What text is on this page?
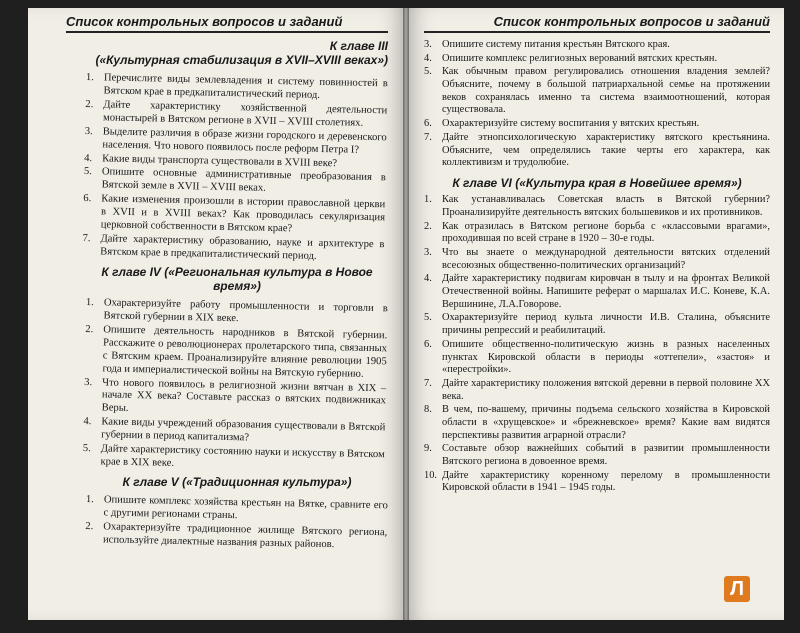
Список контрольных вопросов и заданий
К главе III
(«Культурная стабилизация в XVII–XVIII веках»)
1. Перечислите виды землевладения и систему повинностей в Вятском крае в предкапиталистический период.
2. Дайте характеристику хозяйственной деятельности монастырей в Вятском регионе в XVII – XVIII столетиях.
3. Выделите различия в образе жизни городского и деревенского населения. Что нового появилось после реформ Петра I?
4. Какие виды транспорта существовали в XVIII веке?
5. Опишите основные административные преобразования в Вятской земле в XVII – XVIII веках.
6. Какие изменения произошли в истории православной церкви в XVII и в XVIII веках? Как проводилась секуляризация церковной собственности в Вятском крае?
7. Дайте характеристику образованию, науке и архитектуре в Вятском крае в предкапиталистический период.
К главе IV («Региональная культура в Новое время»)
1. Охарактеризуйте работу промышленности и торговли в Вятской губернии в XIX веке.
2. Опишите деятельность народников в Вятской губернии. Расскажите о революционерах пролетарского типа, связанных с Вятским краем. Проанализируйте влияние революции 1905 года и империалистической войны на Вятскую губернию.
3. Что нового появилось в религиозной жизни вятчан в XIX – начале XX века? Составьте рассказ о вятских подвижниках Веры.
4. Какие виды учреждений образования существовали в Вятской губернии в период капитализма?
5. Дайте характеристику состоянию науки и искусству в Вятском крае в XIX веке.
К главе V («Традиционная культура»)
1. Опишите комплекс хозяйства крестьян на Вятке, сравните его с другими регионами страны.
2. Охарактеризуйте традиционное жилище Вятского региона, используйте диалектные названия разных районов.
Список контрольных вопросов и заданий
3. Опишите систему питания крестьян Вятского края.
4. Опишите комплекс религиозных верований вятских крестьян.
5. Как обычным правом регулировались отношения владения землей? Объясните, почему в большой патриархальной семье на протяжении веков сохранялась именно та система взаимоотношений, которая существовала.
6. Охарактеризуйте систему воспитания у вятских крестьян.
7. Дайте этнопсихологическую характеристику вятского крестьянина. Объясните, чем определялись такие черты его характера, как коллективизм и трудолюбие.
К главе VI («Культура края в Новейшее время»)
1. Как устанавливалась Советская власть в Вятской губернии? Проанализируйте деятельность вятских большевиков и их противников.
2. Как отразилась в Вятском регионе борьба с «классовыми врагами», проходившая по всей стране в 1920 – 30-е годы.
3. Что вы знаете о международной деятельности вятских отделений всесоюзных общественно-политических организаций?
4. Дайте характеристику подвигам кировчан в тылу и на фронтах Великой Отечественной войны. Напишите реферат о маршалах И.С. Коневе, К.А. Вершинине, Л.А.Говорове.
5. Охарактеризуйте период культа личности И.В. Сталина, объясните причины репрессий и реабилитаций.
6. Опишите общественно-политическую жизнь в разных населенных пунктах Кировской области в периоды «оттепели», «застоя» и «перестройки».
7. Дайте характеристику положения вятской деревни в первой половине XX века.
8. В чем, по-вашему, причины подъема сельского хозяйства в Кировской области в «хрущевское» и «брежневское» время? Какие вам видятся перспективы развития аграрной отрасли?
9. Составьте обзор важнейших событий в развитии промышленности Вятского региона в довоенное время.
10. Дайте характеристику коренному перелому в промышленности Кировской области в 1941 – 1945 годы.
Л
